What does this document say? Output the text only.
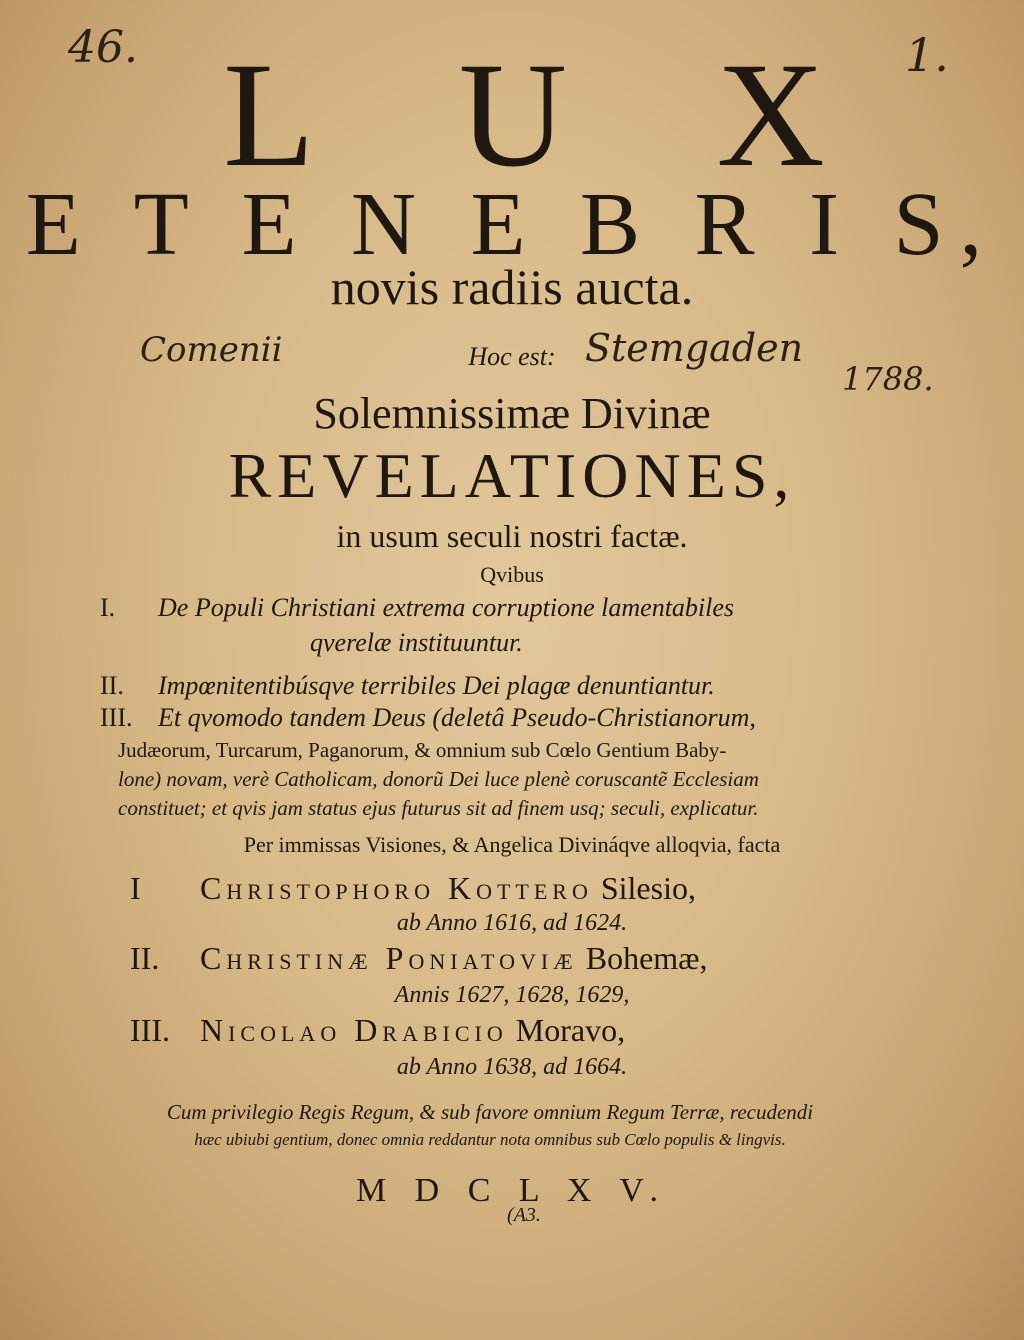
46.	1.
Comenii	Stemgaden
1788.
L U X
E T E N E B R I S,
novis radiis aucta.
Hoc est:
Solemnissimæ Divinæ
REVELATIONES,
in usum seculi nostri factæ.
Qvibus
I. De Populi Christiani extrema corruptione lamentabiles
qverelæ instituuntur.
II. Impœnitentibúsqve terribiles Dei plagæ denuntiantur.
III. Et qvomodo tandem Deus (deletâ Pseudo-Christianorum,
Judæorum, Turcarum, Paganorum, & omnium sub Cœlo Gentium Baby-
lone) novam, verè Catholicam, donorũ Dei luce plenè coruscantẽ Ecclesiam
constituet; et qvis jam status ejus futurus sit ad finem usq; seculi, explicatur.
Per immissas Visiones, & Angelica Divináqve alloqvia, facta
I Christophoro Kottero Silesio,
ab Anno 1616, ad 1624.
II. Christinæ Poniatoviæ Bohemæ,
Annis 1627, 1628, 1629,
III. Nicolao Drabicio Moravo,
ab Anno 1638, ad 1664.
Cum privilegio Regis Regum, & sub favore omnium Regum Terræ, recudendi
hæc ubiubi gentium, donec omnia reddantur nota omnibus sub Cœlo populis & lingvis.
M D C L X V.
(A3.
